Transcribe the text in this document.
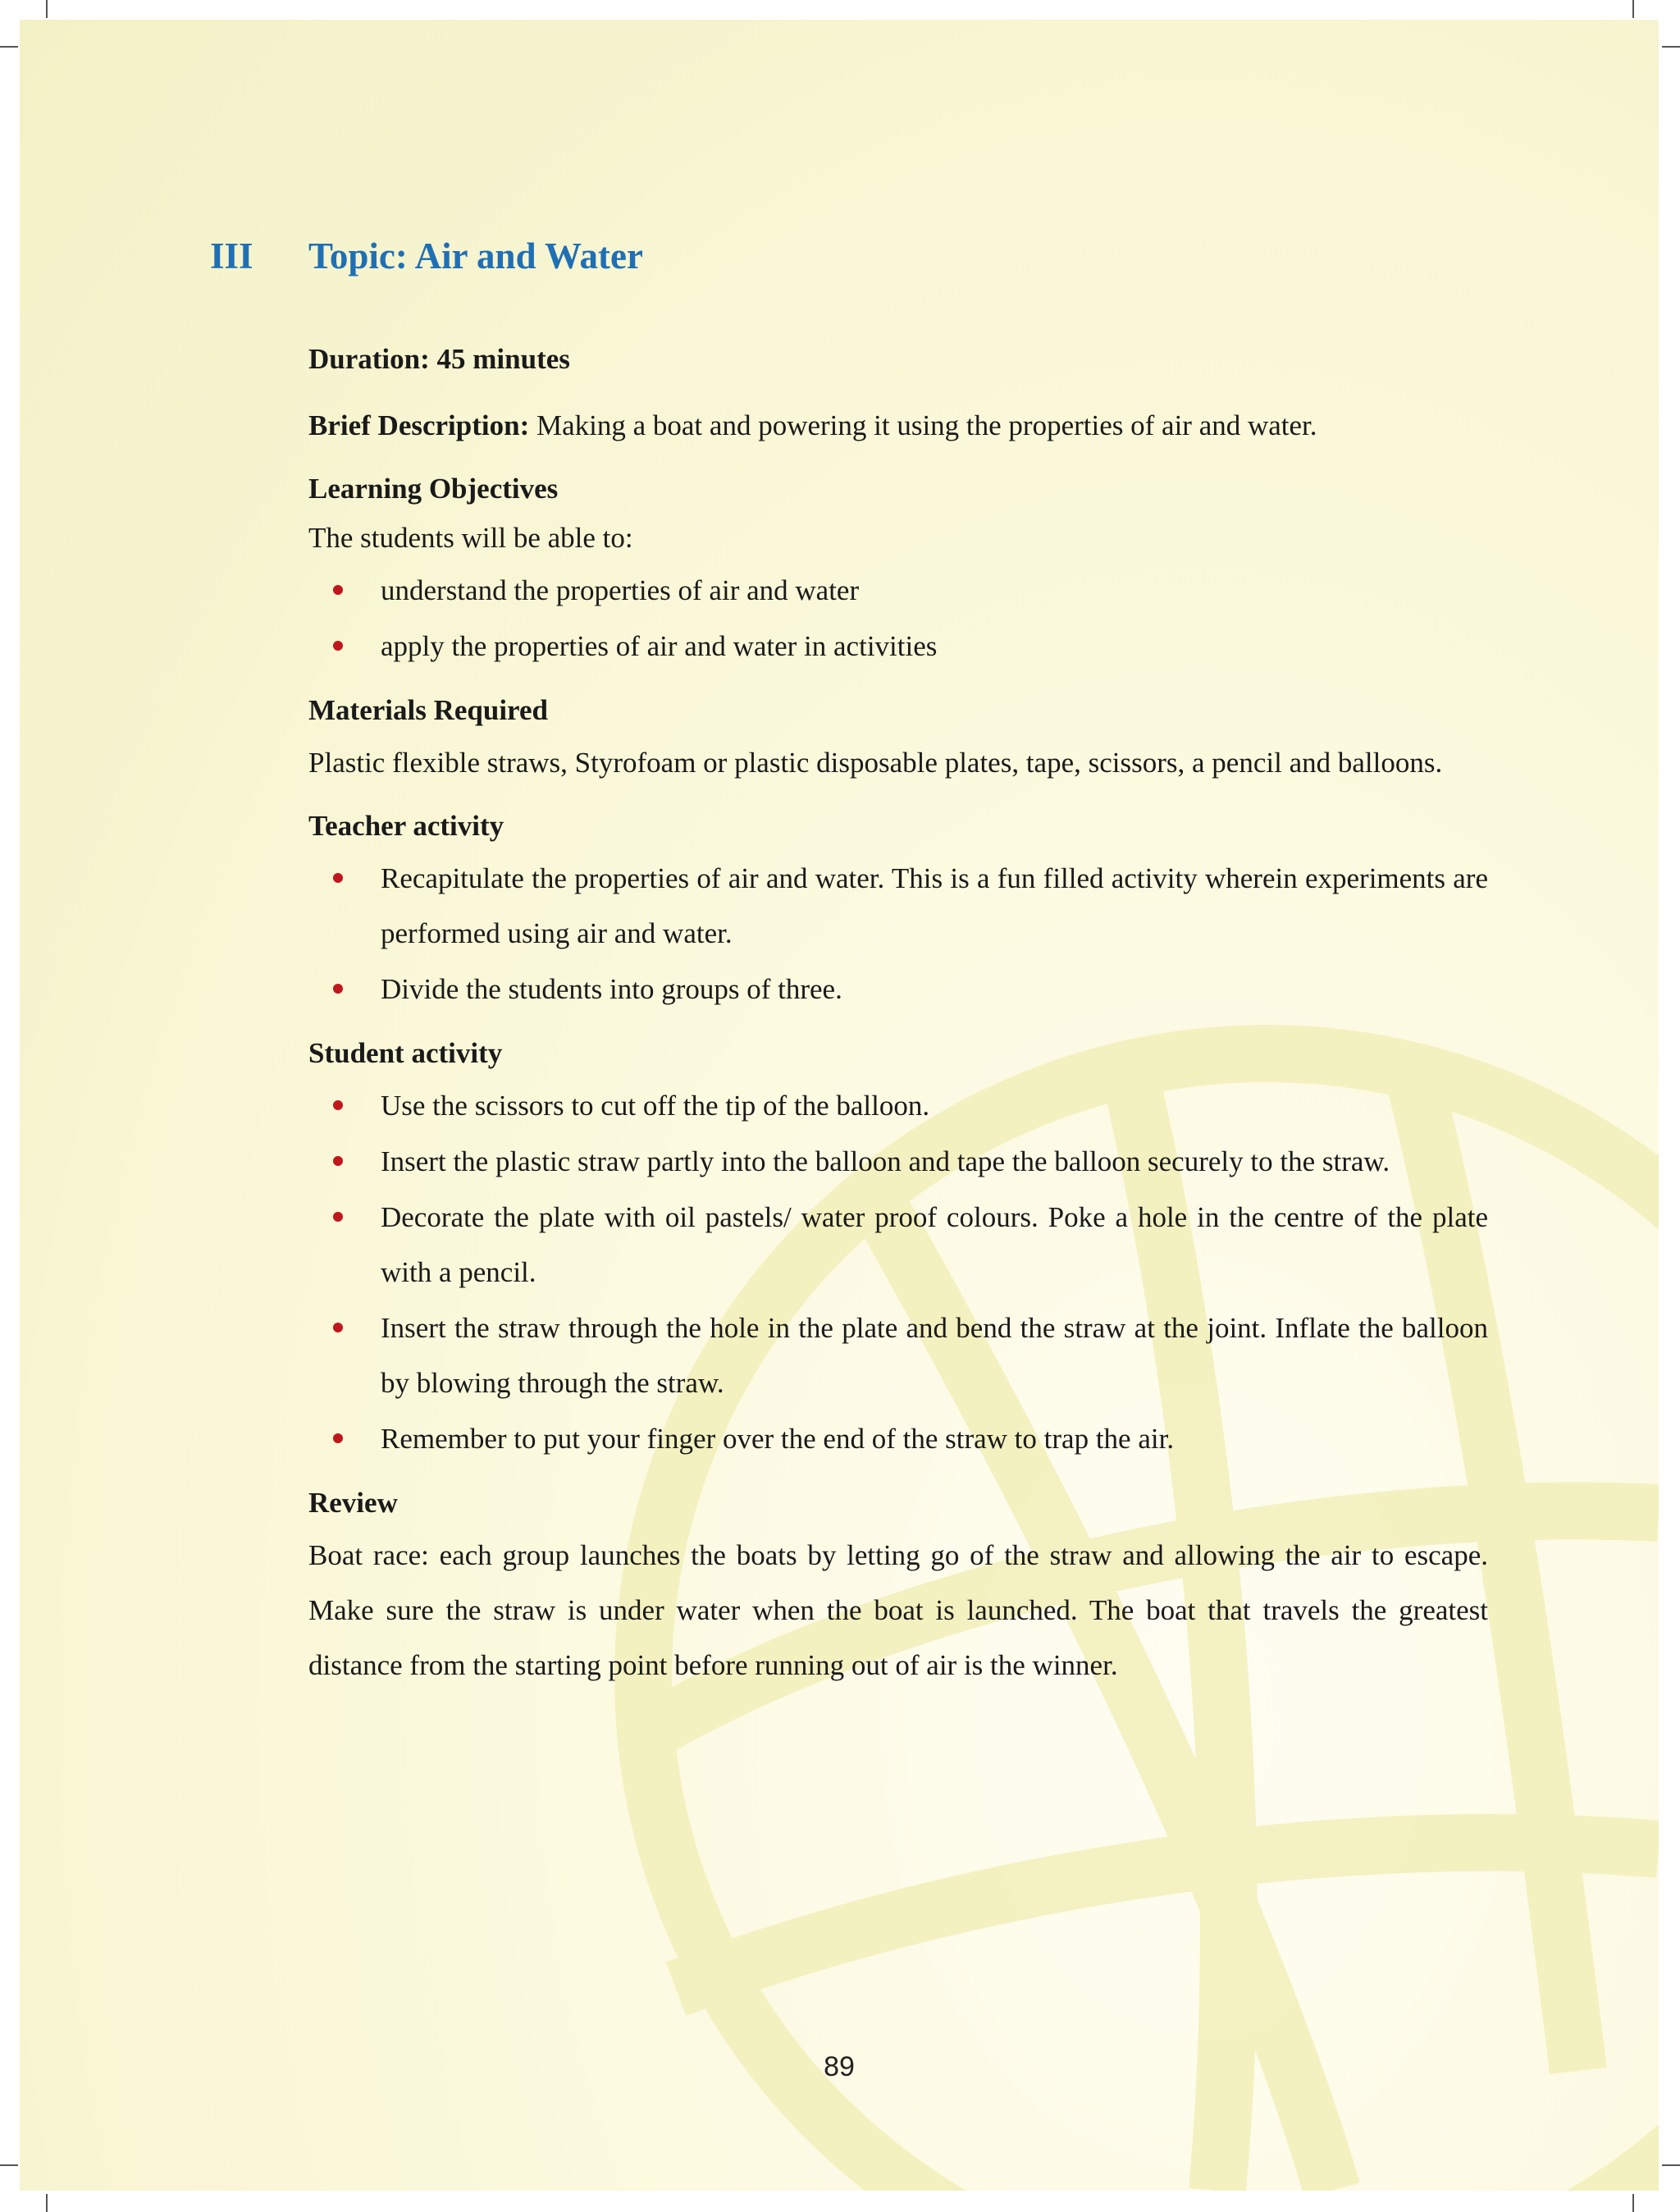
III Topic: Air and Water

Duration: 45 minutes

Brief Description: Making a boat and powering it using the properties of air and water.

Learning Objectives

The students will be able to:

understand the properties of air and water
apply the properties of air and water in activities

Materials Required

Plastic flexible straws, Styrofoam or plastic disposable plates, tape, scissors, a pencil and balloons.

Teacher activity

Recapitulate the properties of air and water. This is a fun filled activity wherein experiments are performed using air and water.
Divide the students into groups of three.

Student activity

Use the scissors to cut off the tip of the balloon.
Insert the plastic straw partly into the balloon and tape the balloon securely to the straw.
Decorate the plate with oil pastels/ water proof colours. Poke a hole in the centre of the plate with a pencil.
Insert the straw through the hole in the plate and bend the straw at the joint. Inflate the balloon by blowing through the straw.
Remember to put your finger over the end of the straw to trap the air.

Review

Boat race: each group launches the boats by letting go of the straw and allowing the air to escape. Make sure the straw is under water when the boat is launched. The boat that travels the greatest distance from the starting point before running out of air is the winner.

89
